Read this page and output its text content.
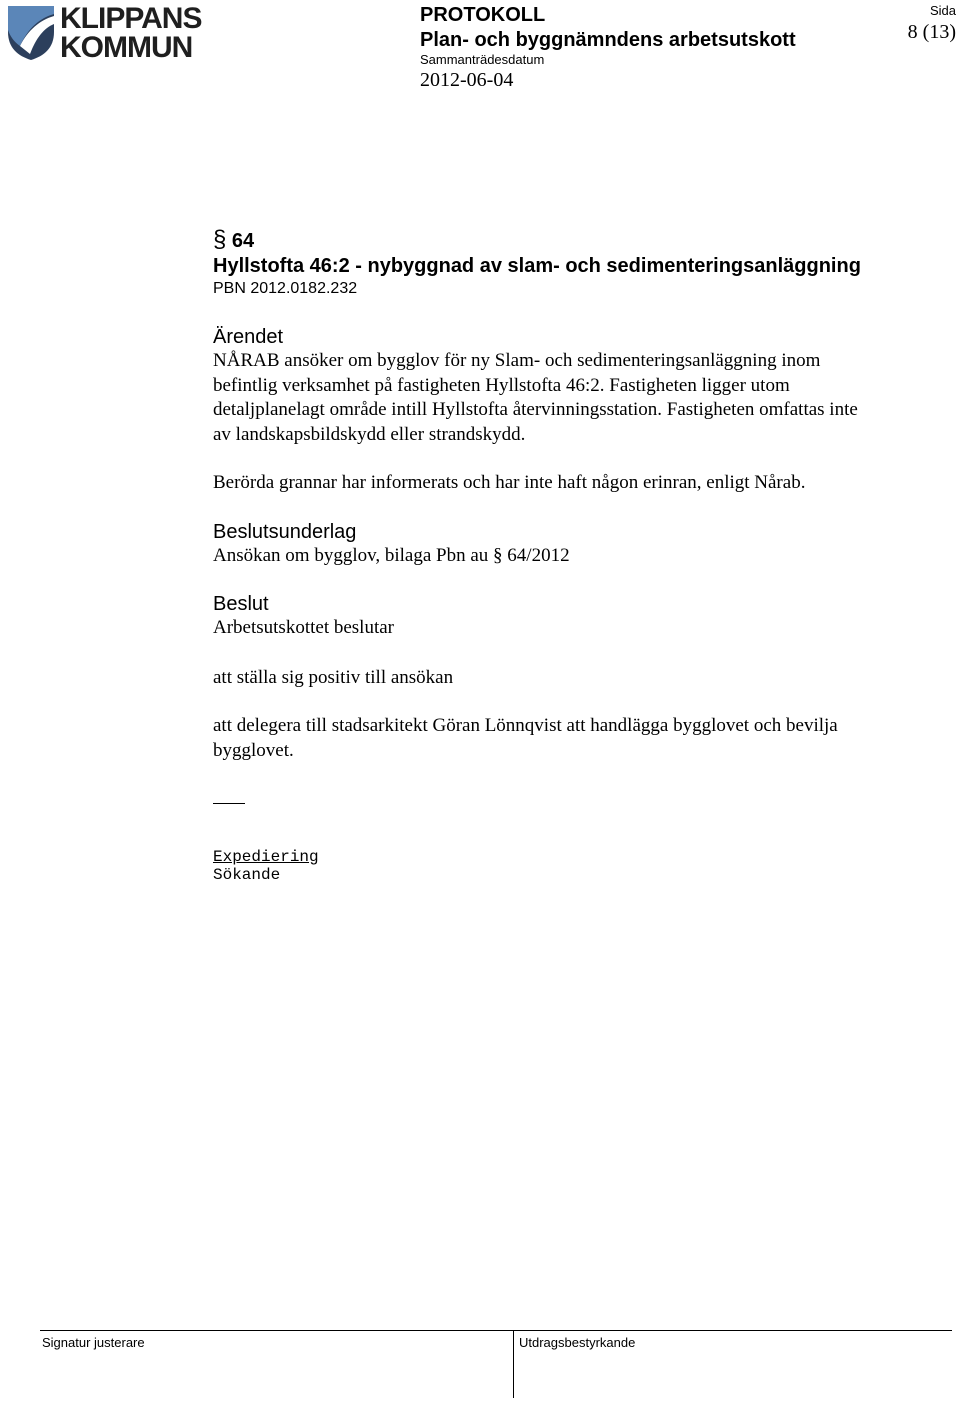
KLIPPANS
KOMMUN
PROTOKOLL
Plan- och byggnämndens arbetsutskott
Sammanträdesdatum
2012-06-04
Sida
8 (13)

§ 64

Hyllstofta 46:2 - nybyggnad av slam- och sedimenteringsanläggning

PBN 2012.0182.232

Ärendet

NÅRAB ansöker om bygglov för ny Slam- och sedimenteringsanläggning inom

befintlig verksamhet på fastigheten Hyllstofta 46:2. Fastigheten ligger utom

detaljplanelagt område intill Hyllstofta återvinningsstation. Fastigheten omfattas inte

av landskapsbildskydd eller strandskydd.

Berörda grannar har informerats och har inte haft någon erinran, enligt Nårab.

Beslutsunderlag

Ansökan om bygglov, bilaga Pbn au § 64/2012

Beslut

Arbetsutskottet beslutar

att ställa sig positiv till ansökan

att delegera till stadsarkitekt Göran Lönnqvist att handlägga bygglovet och bevilja

bygglovet.

Expediering

Sökande

Signatur justerare	Utdragsbestyrkande
